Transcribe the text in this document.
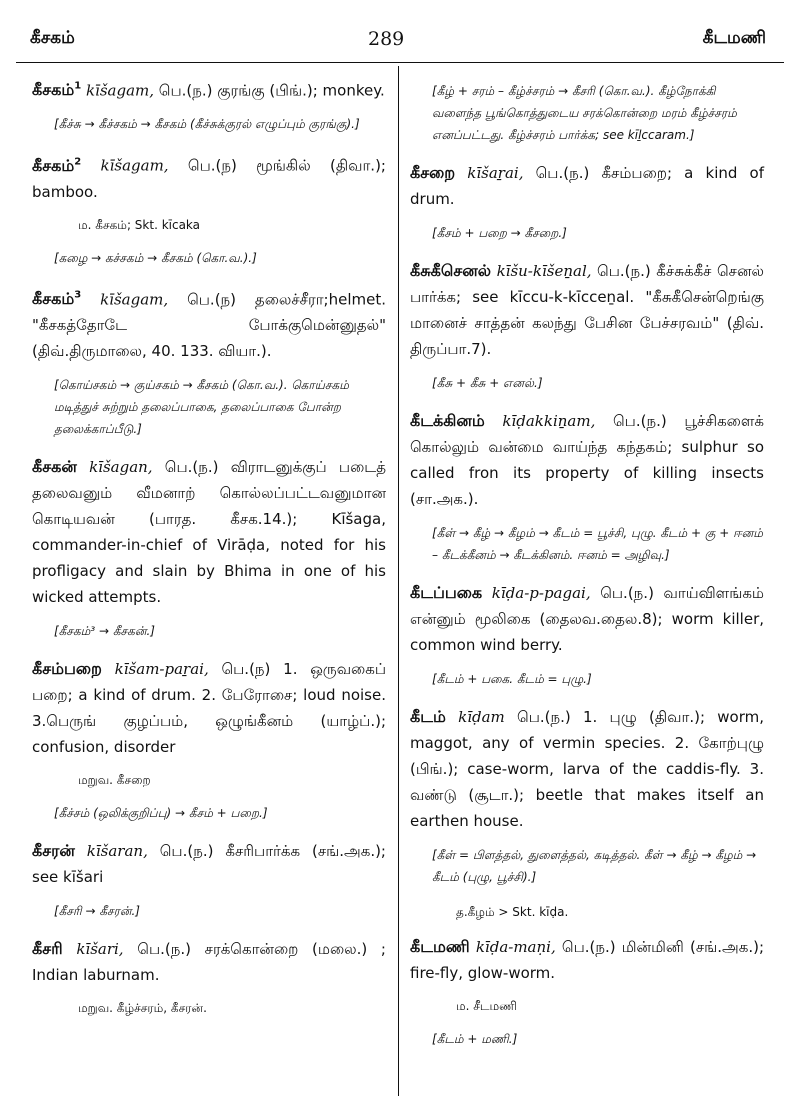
கீசகம்	289	கீடமணி
கீசகம்$^1$ kīšagam, பெ.(ந.) குரங்கு (பிங்.); monkey.
[கீச்சு → கீச்சகம் → கீசகம் (கீச்சுக்குரல் எழுப்பும் குரங்கு).]
கீசகம்$^2$ kīšagam, பெ.(ந) மூங்கில் (திவா.); bamboo.
ம. கீசகம்; Skt. kīcaka
[கழை → கச்சகம் → கீசகம் (கொ.வ.).]
கீசகம்$^3$ kīšagam, பெ.(ந) தலைச்சீரா;helmet. "கீசகத்தோடே போக்குமென்னுதல்" (திவ்.திருமாலை, 40. 133. வியா.).
[கொய்சகம் → குய்சகம் → கீசகம் (கொ.வ.). கொய்சகம் மடித்துச் சுற்றும் தலைப்பாகை, தலைப்பாகை போன்ற தலைக்காப்பீடு.]
கீசகன் kīšagan, பெ.(ந.) விராடனுக்குப் படைத் தலைவனும் வீமனாற் கொல்லப்பட்டவனுமான கொடியவன் (பாரத. கீசக.14.); Kīšaga, commander-in-chief of Virāḍa, noted for his profligacy and slain by Bhima in one of his wicked attempts.
[கீசகம்³ → கீசகன்.]
கீசம்பறை kīšam-paṟai, பெ.(ந) 1. ஒருவகைப் பறை; a kind of drum. 2. பேரோசை; loud noise. 3.பெருங் குழப்பம், ஒழுங்கீனம் (யாழ்ப்.); confusion, disorder
மறுவ. கீசறை
[கீச்சம் (ஒலிக்குறிப்பு) → கீசம் + பறை.]
கீசரன் kīšaran, பெ.(ந.) கீசரிபார்க்க (சங்.அக.); see kīšari
[கீசரி → கீசரன்.]
கீசரி kīšari, பெ.(ந.) சரக்கொன்றை (மலை.) ; Indian laburnam.
மறுவ. கீழ்ச்சரம், கீசரன்.
[கீழ் + சரம் – கீழ்ச்சரம் → கீசரி (கொ.வ.). கீழ்நோக்கி வளைந்த பூங்கொத்துடைய சரக்கொன்றை மரம் கீழ்ச்சரம் எனப்பட்டது. கீழ்ச்சரம் பார்க்க; see kīḻccaram.]
கீசறை kīšaṟai, பெ.(ந.) கீசம்பறை; a kind of drum.
[கீசம் + பறை → கீசறை.]
கீசுகீசெனல் kīšu-kīšeṉal, பெ.(ந.) கீச்சுக்கீச் செனல் பார்க்க; see kīccu-k-kīcceṉal. "கீசுகீசென்றெங்கு மானைச் சாத்தன் கலந்து பேசின பேச்சரவம்" (திவ். திருப்பா.7).
[கீசு + கீசு + எனல்.]
கீடக்கினம் kīḍakkiṉam, பெ.(ந.) பூச்சிகளைக் கொல்லும் வன்மை வாய்ந்த கந்தகம்; sulphur so called fron its property of killing insects (சா.அக.).
[கீள் → கீழ் → கீழம் → கீடம் = பூச்சி, புழு. கீடம் + கு + ஈனம் – கீடக்கீனம் → கீடக்கினம். ஈனம் = அழிவு.]
கீடப்பகை kīḍa-p-pagai, பெ.(ந.) வாய்விளங்கம் என்னும் மூலிகை (தைலவ.தைல.8); worm killer, common wind berry.
[கீடம் + பகை. கீடம் = புழு.]
கீடம் kīḍam பெ.(ந.) 1. புழு (திவா.); worm, maggot, any of vermin species. 2. கோற்புழு (பிங்.); case-worm, larva of the caddis-fly. 3. வண்டு (சூடா.); beetle that makes itself an earthen house.
[கீள் = பிளத்தல், துளைத்தல், கடித்தல். கீள் → கீழ் → கீழம் → கீடம் (புழு, பூச்சி).]
த.கீழம் > Skt. kīḍa.
கீடமணி kīḍa-maṇi, பெ.(ந.) மின்மினி (சங்.அக.); fire-fly, glow-worm.
ம. சீடமணி
[கீடம் + மணி.]
